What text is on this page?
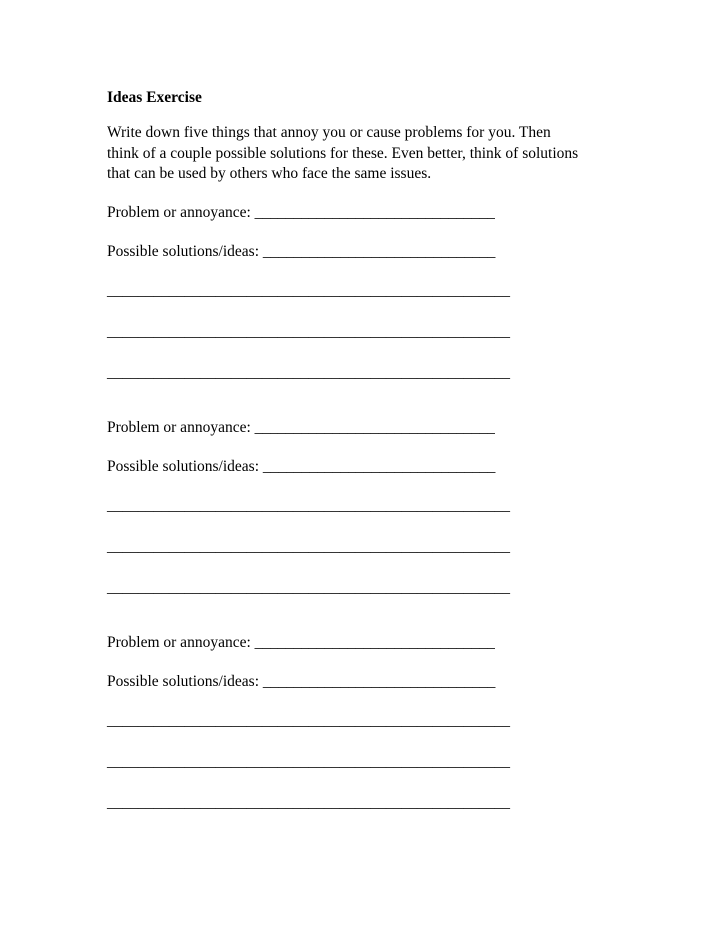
Ideas Exercise
Write down five things that annoy you or cause problems for you. Then
think of a couple possible solutions for these. Even better, think of solutions
that can be used by others who face the same issues.
Problem or annoyance: _______________________________
Possible solutions/ideas: ______________________________
____________________________________________________
____________________________________________________
____________________________________________________
Problem or annoyance: _______________________________
Possible solutions/ideas: ______________________________
____________________________________________________
____________________________________________________
____________________________________________________
Problem or annoyance: _______________________________
Possible solutions/ideas: ______________________________
____________________________________________________
____________________________________________________
____________________________________________________
